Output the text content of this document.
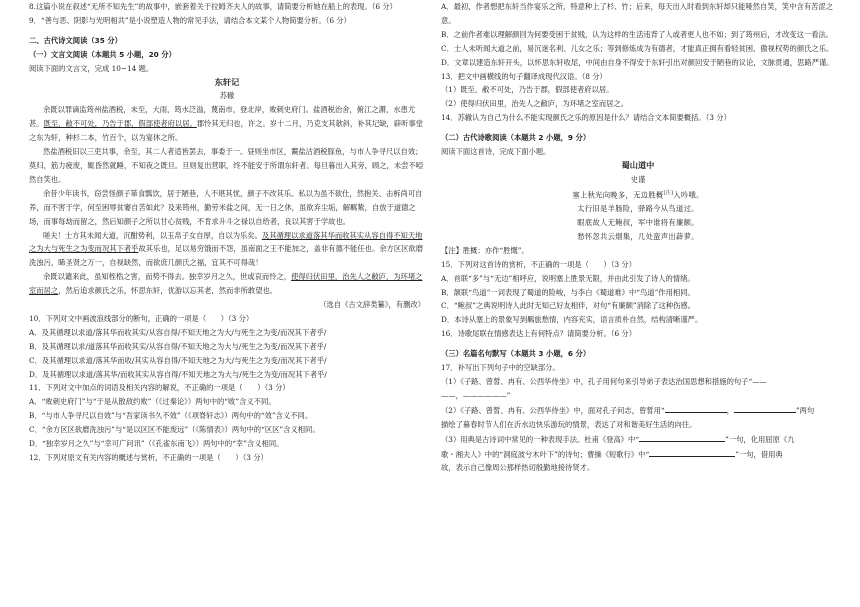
8.这篇小说在叙述“无所不知先生”的故事中，嵌套着关于拉姆齐夫人的故事，请简要分析她在船上的表现。（6 分）

9．“善与恶、阴影与光明相共”是小说塑造人物的常见手法，请结合本文某个人物简要分析。（6 分）

二、古代诗文阅读（35 分）

（一）文言文阅读（本题共 5 小题，20 分）

阅读下面的文言文，完成 10~14 题。

东轩记

苏辙

余既以罪谪监筠州盐酒税，未至，大雨，筠水泛溢，蔑南市，登北岸，败刺史府门。盐酒税治舍，俯江之漘，水患尤甚。既至，敝不可处，乃告于郡，假部使者府以居。郡怜其无归也，许之。岁十二月，乃克支其欹斜，补其圮缺，辟听事堂之东为轩，种杉二本，竹百个，以为宴休之所。

然盐酒税旧以三吏共事，余至，其二人者适皆罢去，事委于一。昼则坐市区，鬻盐沽酒税豚鱼，与市人争寻尺以自效；莫归，筋力疲废，辄昏然就睡，不知夜之既旦。旦则复出营职，终不能安于所谓东轩者。每旦暮出入其旁，顾之，未尝不啞然自笑也。

余昔少年读书，窃尝怪颜子箪食瓢饮，居于陋巷，人不堪其忧，颜子不改其乐。私以为虽不欲仕，然抱关、击柝尚可自养，而不害于学，何至困辱贫窭自苦如此？及来筠州，勤劳米盐之间，无一日之休，虽欲弃尘垢，解羁絷，自放于道德之场，而事每劫而留之，然后知颜子之所以甘心贫贱，不肯求升斗之禄以自给者，良以其害于学故也。

嗟夫！士方其未闻大道，沉酣势利，以玉帛子女自厚，自以为乐矣。及其循理以求道落其华而收其实从容自得不知天地之为大与死生之为变而况其下者乎故其乐也，足以易穷饿而不怨，虽南面之王不能加之，盖非有德不能任也。余方区区欲磨洗浊污，睎圣贤之万一，自视缺然，而欲庶几颜氏之福，宜其不可得哉！

余既以谴来此，虽知桎梏之害，而势不得去。独幸岁月之久，世或哀而怜之，使得归伏田里，治先人之敝庐，为环堵之室而居之，然后追求颜氏之乐，怀思东轩，优游以忘其老，然而非所敢望也。

（选自《古文辞类纂》，有删改）

10．下列对文中画波浪线部分的断句，正确的一项是（　　）（3 分）

A．及其循理以求道/落其华而收其实/从容自得/不知天地之为大/与死生之为变/而况其下者乎/

B．及其循理以求/道落其华而收其实/从容自得/不知天地之为大与/死生之为变/而况其下者乎/

C．及其循理以求道/落其华而收/其实从容自得/不知天地之为大/与死生之为变/而况其下者乎/

D．及其循理以求道/落其华/而收其实从容自得/不知天地之为大与/死生之为变/而况其下者乎/

11．下列对文中加点的词语及相关内容的解说，不正确的一项是（　　）（3 分）

A．“败刺史府门”与“于是从散敌约败”（《过秦论》）两句中的“败”含义不同。

B．“与市人争寻尺以自效”与“吾家读书久不效”（《项脊轩志》）两句中的“效”含义不同。

C．“余方区区欲磨洗浊污”与“是以区区不能废远”（《陈情表》）两句中的“区区”含义相同。

D．“独幸岁月之久”与“幸可广问讯”（《孔雀东南飞》）两句中的“幸”含义相同。

12．下列对原文有关内容的概述与赏析，不正确的一项是（　　）（3 分）

A．最初，作者想把东轩当作宴乐之所，特意种上了杉、竹；后来，每天出入时看到东轩却只能哑然自笑，笑中含有苦涩之意。

B．之前作者难以理解颜回为何要受困于贫贱，认为这样的生活违背了人或者更人也不如；到了筠州后，才改变这一看法。

C．士人未听闻大道之前，易沉迷名利、儿女之乐；等到修炼成为有德者，才能真正拥有看轻贫困、傲视权势的颜氏之乐。

D．文章以建造东轩开头，以怀思东轩收尾，中间由自身不得安于东轩引出对颜回安于陋巷的议论，文脉贯通，思路严谨。

13．把文中画横线的句子翻译成现代汉语。（8 分）

（1）既至，敝不可处，乃告于郡，假部使者府以居。

（2）使得归伏田里，治先人之敝庐，为环堵之室而居之。

14．苏辙认为自己为什么不能实现颜氏之乐的原因是什么？请结合文本简要概括。（3 分）

（二）古代诗歌阅读（本题共 2 小题，9 分）

阅读下面这首诗，完成下面小题。

蜀山道中

史谨

塞上秋光向晚多，无边胜概[注]入吟哦。

太行旧是羊肠险，驿路今从鸟道过。

眼底故人无鲍叔，军中谁将有廉颇。

愁怀忽共云烟集，几处蛮声出薜萝。

【注】胜概：亦作“胜慨”。

15．下列对这首诗的赏析，不正确的一项是（　　）（3 分）

A．首联“多”与“无边”相呼应，说明塞上胜景无限，并由此引发了诗人的情绪。

B．颔联“鸟道”一词表现了蜀道的险峻，与李白《蜀道难》中“鸟道”作用相同。

C．“鲍叔”之典说明诗人此时无知己好友相伴，对句“有廉颇”消除了这种伤感。

D．本诗从塞上的景象写到羁旅愁情，内容充实，语言质朴自然，结构清晰谨严。

16．诗歌尾联在情感表达上有何特点？请简要分析。（6 分）

（三）名篇名句默写（本题共 3 小题，6 分）

17．补写出下列句子中的空缺部分。

（1）《子路、曾皙、冉有、公西华侍坐》中，孔子用何句来引导弟子表达治国思想和措施的句子“——

——，——————”

（2）《子路、曾皙、冉有、公西华侍坐》中，面对孔子问志，曾皙用“	，	”两句

描绘了暮春时节人们在沂水边快乐游玩的情景，表达了对和谐美好生活的向往。

（3）用典是古诗词中常见的一种表现手法。杜甫《登高》中“	”一句，化用屈原《九

歌・湘夫人》中的“洞庭波兮木叶下”的诗句；曹操《短歌行》中“	”一句，借用典

故，表示自己像周公那样热切殷勤地接待贤才。
